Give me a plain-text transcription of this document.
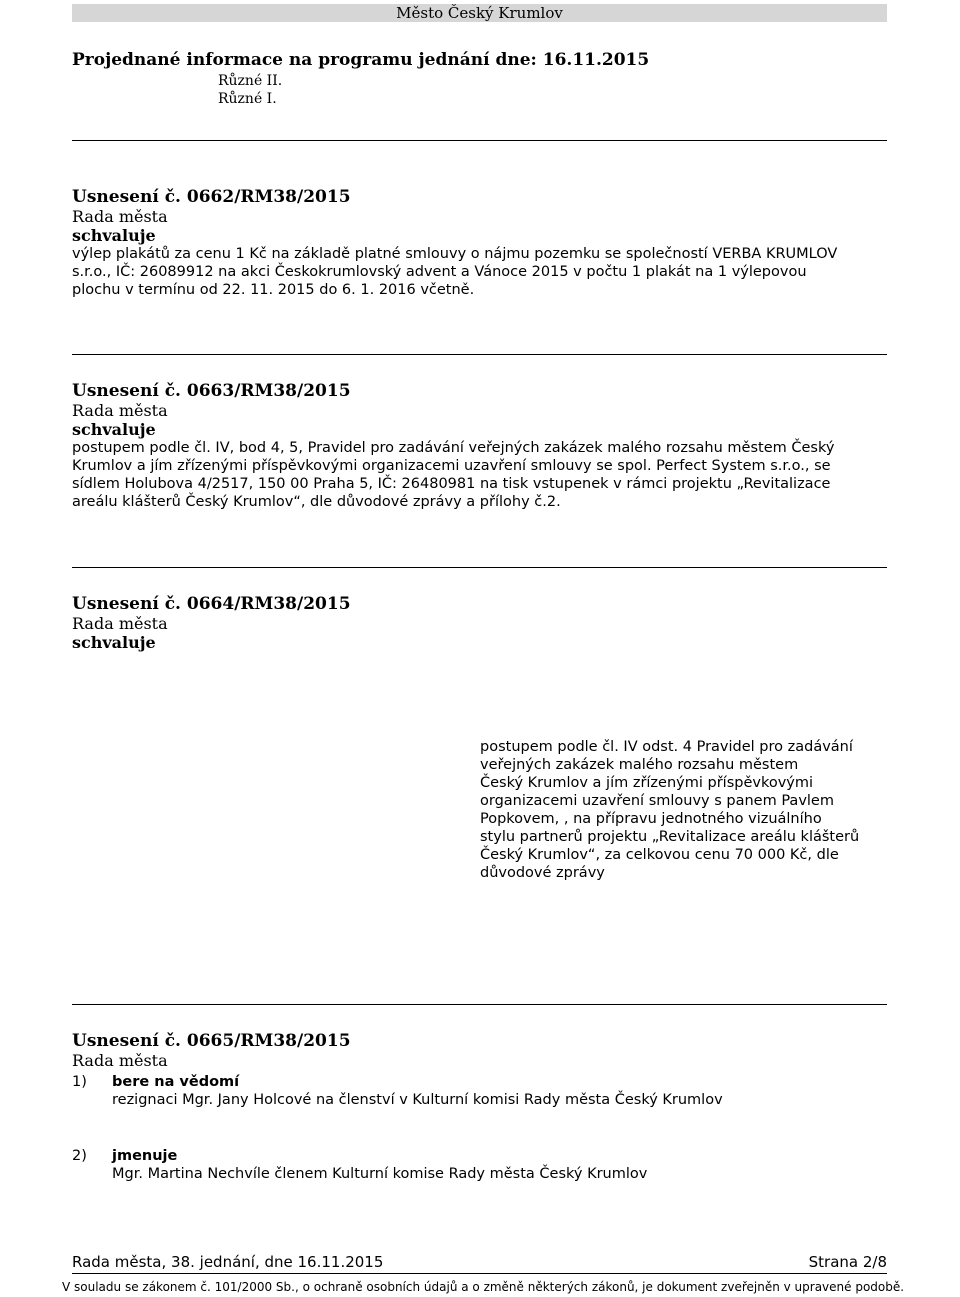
Město Český Krumlov
Projednané informace na programu jednání dne: 16.11.2015
Různé II.
Různé I.
Usnesení č. 0662/RM38/2015
Rada města
schvaluje
výlep plakátů za cenu 1 Kč na základě platné smlouvy o nájmu pozemku se společností VERBA KRUMLOV
s.r.o., IČ: 26089912 na akci Českokrumlovský advent a Vánoce 2015 v počtu 1 plakát na 1 výlepovou
plochu v termínu od 22. 11. 2015 do 6. 1. 2016 včetně.
Usnesení č. 0663/RM38/2015
Rada města
schvaluje
postupem podle čl. IV, bod 4, 5, Pravidel pro zadávání veřejných zakázek malého rozsahu městem Český
Krumlov a jím zřízenými příspěvkovými organizacemi uzavření smlouvy se spol. Perfect System s.r.o., se
sídlem Holubova 4/2517, 150 00 Praha 5, IČ: 26480981 na tisk vstupenek v rámci projektu „Revitalizace
areálu klášterů Český Krumlov“, dle důvodové zprávy a přílohy č.2.
Usnesení č. 0664/RM38/2015
Rada města
schvaluje
postupem podle čl. IV odst. 4 Pravidel pro zadávání
veřejných zakázek malého rozsahu městem
Český Krumlov a jím zřízenými příspěvkovými
organizacemi uzavření smlouvy s panem Pavlem
Popkovem, , na přípravu jednotného vizuálního
stylu partnerů projektu „Revitalizace areálu klášterů
Český Krumlov“, za celkovou cenu 70 000 Kč, dle
důvodové zprávy
Usnesení č. 0665/RM38/2015
Rada města
1) bere na vědomí
rezignaci Mgr. Jany Holcové na členství v Kulturní komisi Rady města Český Krumlov
2) jmenuje
Mgr. Martina Nechvíle členem Kulturní komise Rady města Český Krumlov
Rada města, 38. jednání, dne 16.11.2015	Strana 2/8
V souladu se zákonem č. 101/2000 Sb., o ochraně osobních údajů a o změně některých zákonů, je dokument zveřejněn v upravené podobě.
